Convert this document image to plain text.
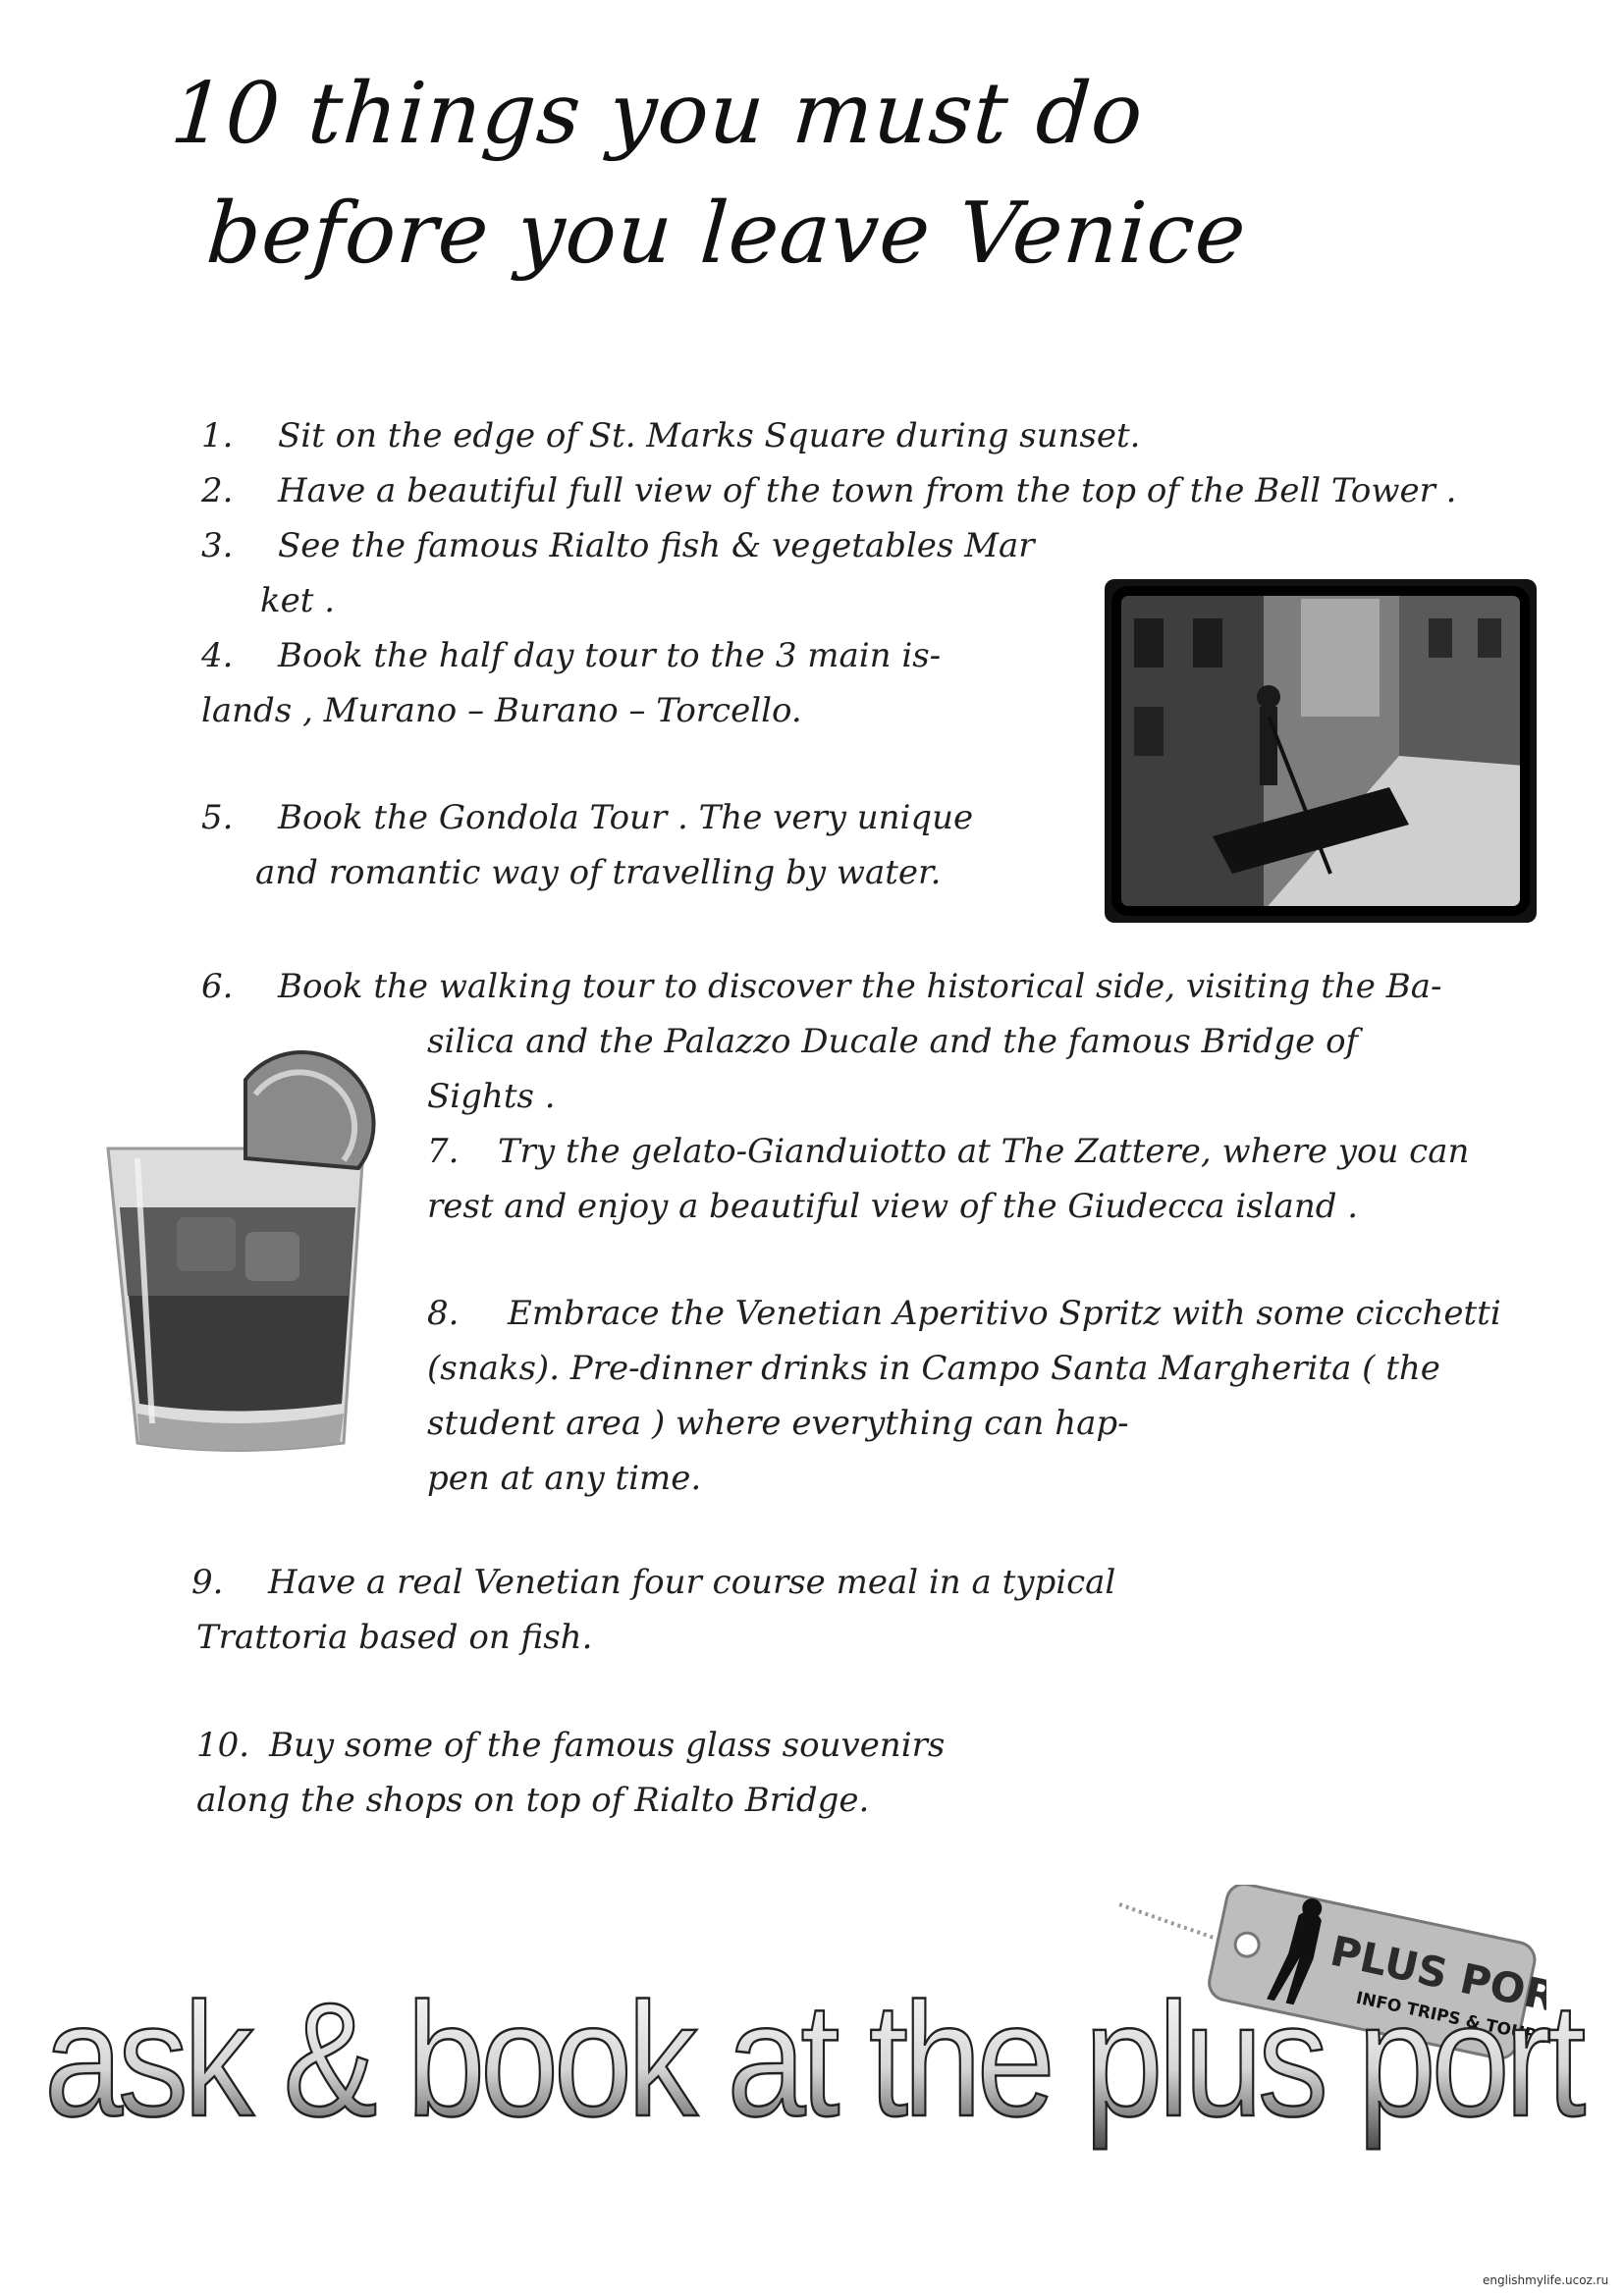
10 things you must do
before you leave Venice
1. Sit on the edge of St. Marks Square during sunset.
2. Have a beautiful full view of the town from the top of the Bell Tower .
3. See the famous Rialto fish & vegetables Mar
ket .
4. Book the half day tour to the 3 main is-
lands , Murano – Burano – Torcello.
5. Book the Gondola Tour . The very unique
and romantic way of travelling by water.
6. Book the walking tour to discover the historical side, visiting the Ba-
silica and the Palazzo Ducale and the famous Bridge of
Sights .
7. Try the gelato-Gianduiotto at The Zattere, where you can
rest and enjoy a beautiful view of the Giudecca island .
8. Embrace the Venetian Aperitivo Spritz with some cicchetti
(snaks). Pre-dinner drinks in Campo Santa Margherita ( the
student area ) where everything can hap-
pen at any time.
9. Have a real Venetian four course meal in a typical
Trattoria based on fish.
10. Buy some of the famous glass souvenirs
along the shops on top of Rialto Bridge.
PLUS PORT
INFO TRIPS & TOURS
ask & book at the plus port
englishmylife.ucoz.ru
